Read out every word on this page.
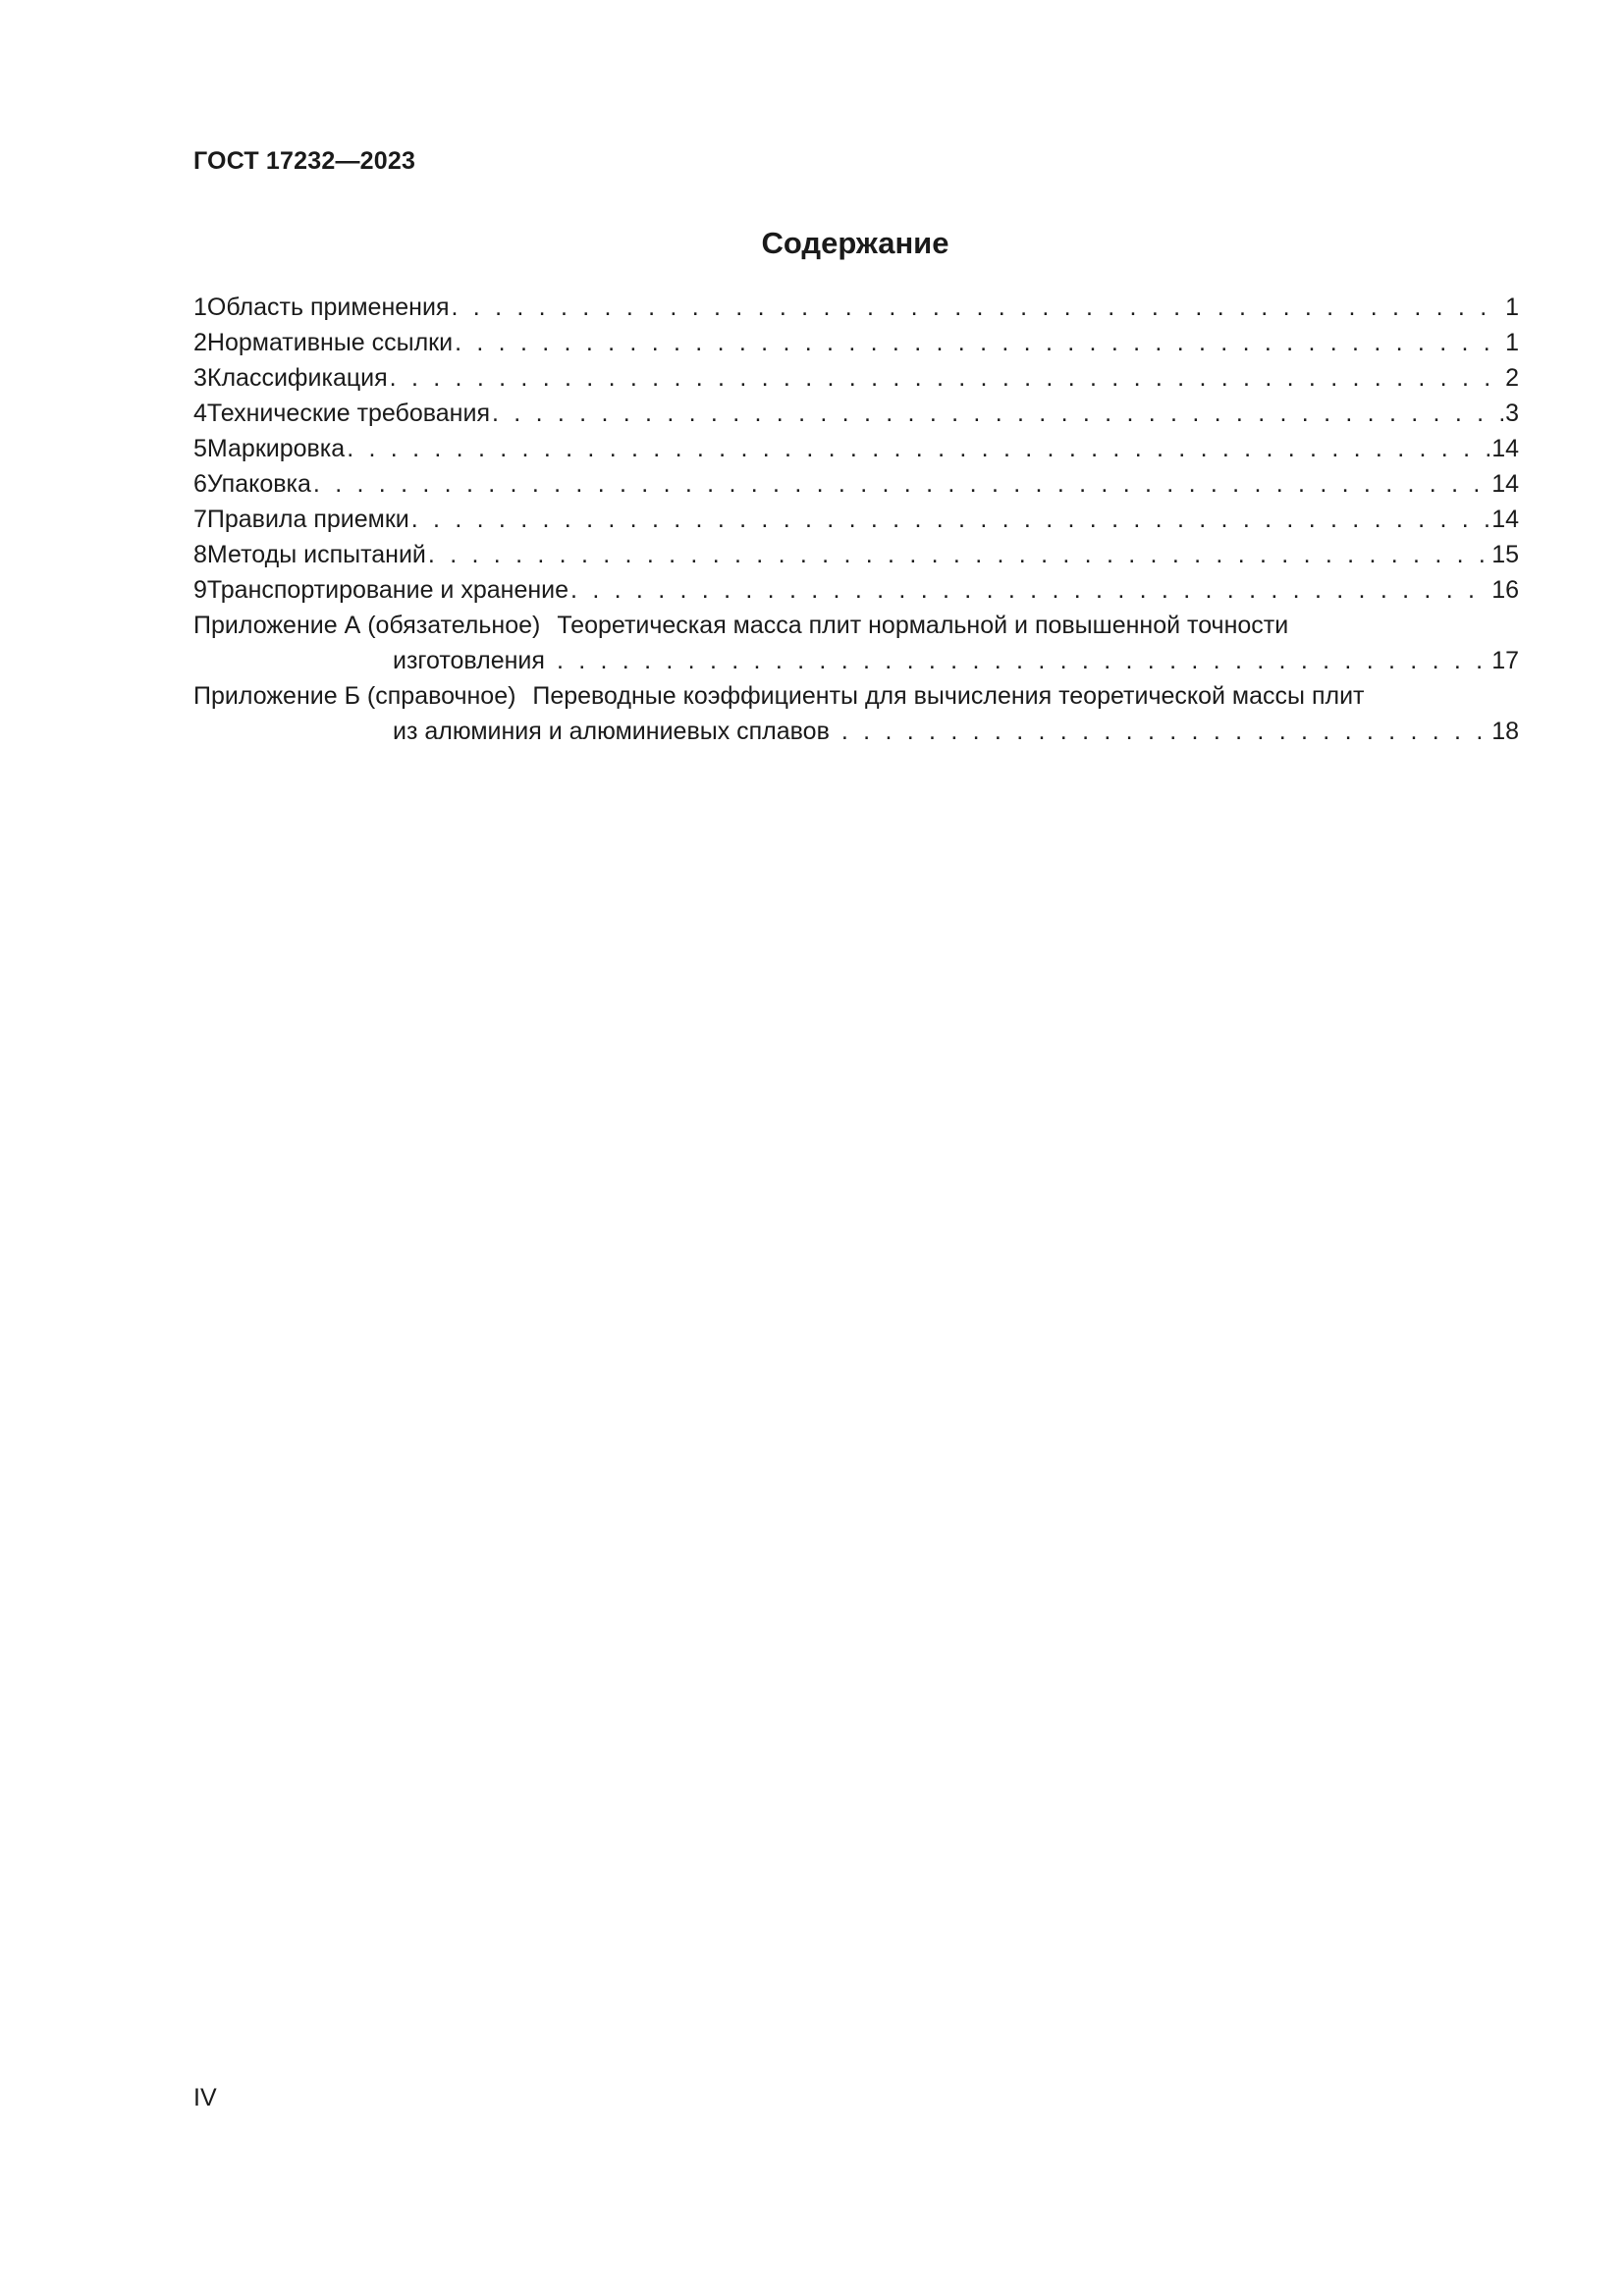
ГОСТ 17232—2023
Содержание
1 Область применения . . .	1
2 Нормативные ссылки . . .	1
3 Классификация . . .	2
4 Технические требования . . .	3
5 Маркировка . . .	14
6 Упаковка . . .	14
7 Правила приемки . . .	14
8 Методы испытаний . . .	15
9 Транспортирование и хранение . . .	16
Приложение А (обязательное) Теоретическая масса плит нормальной и повышенной точности
изготовления . . .	17
Приложение Б (справочное) Переводные коэффициенты для вычисления теоретической массы плит
из алюминия и алюминиевых сплавов . . .	18
IV
